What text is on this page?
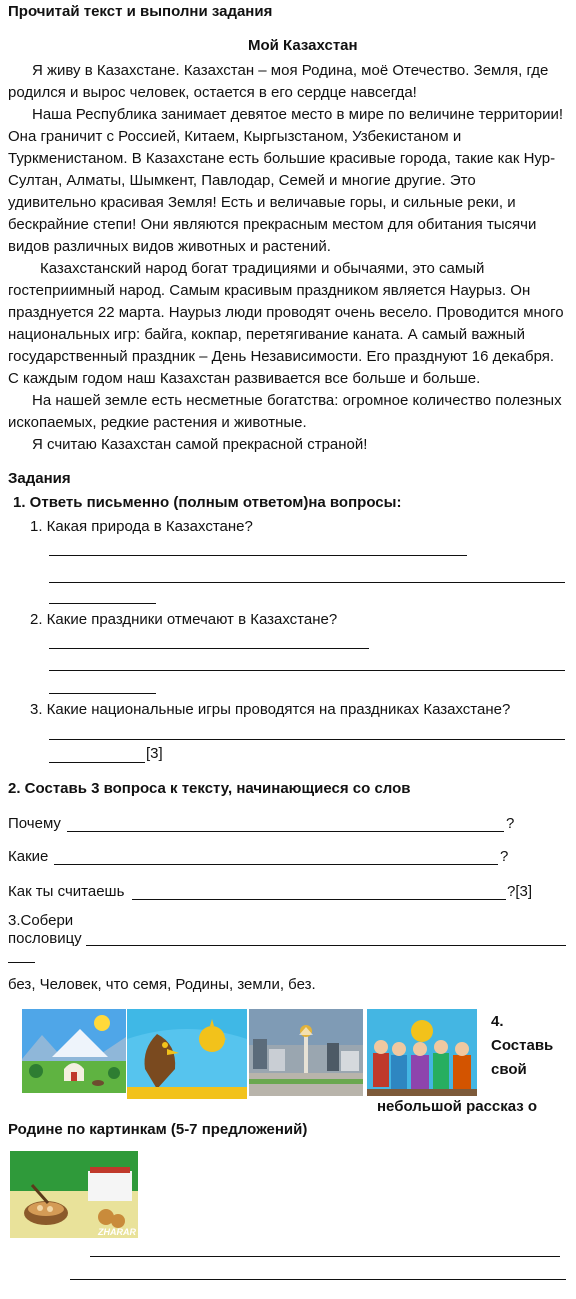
Прочитай текст и выполни задания
Мой Казахстан

Я живу в Казахстане. Казахстан – моя Родина, моё Отечество. Земля, где родился и вырос человек, остается в его сердце навсегда!

Наша Республика занимает девятое место в мире по величине территории! Она граничит с Россией, Китаем, Кыргызстаном, Узбекистаном и Туркменистаном. В Казахстане есть большие красивые города, такие как Нур-Султан, Алматы, Шымкент, Павлодар, Семей и многие другие. Это удивительно красивая Земля! Есть и величавые горы, и сильные реки, и бескрайние степи! Они являются прекрасным местом для обитания тысячи видов различных видов животных и растений.

Казахстанский народ богат традициями и обычаями, это самый гостеприимный народ. Самым красивым праздником является Наурыз. Он празднуется 22 марта. Наурыз люди проводят очень весело. Проводится много национальных игр: байга, кокпар, перетягивание каната. А самый важный государственный праздник – День Независимости. Его празднуют 16 декабря. С каждым годом наш Казахстан развивается все больше и больше.

На нашей земле есть несметные богатства: огромное количество полезных ископаемых, редкие растения и животные.

Я считаю Казахстан самой прекрасной страной!

Задания
1. Ответь письменно (полным ответом)на вопросы:
1. Какая природа в Казахстане?
2. Какие праздники отмечают в Казахстане?
3. Какие национальные игры проводятся на праздниках Казахстане?
[3]
2. Составь 3 вопроса к тексту, начинающиеся со слов
Почему	?
Какие	?
Как ты считаешь	?[3]
3.Собери
пословицу
без, Человек, что семя, Родины, земли, без.
ZHARAR
4.
Составь
свой
небольшой рассказ о
Родине по картинкам (5-7 предложений)
